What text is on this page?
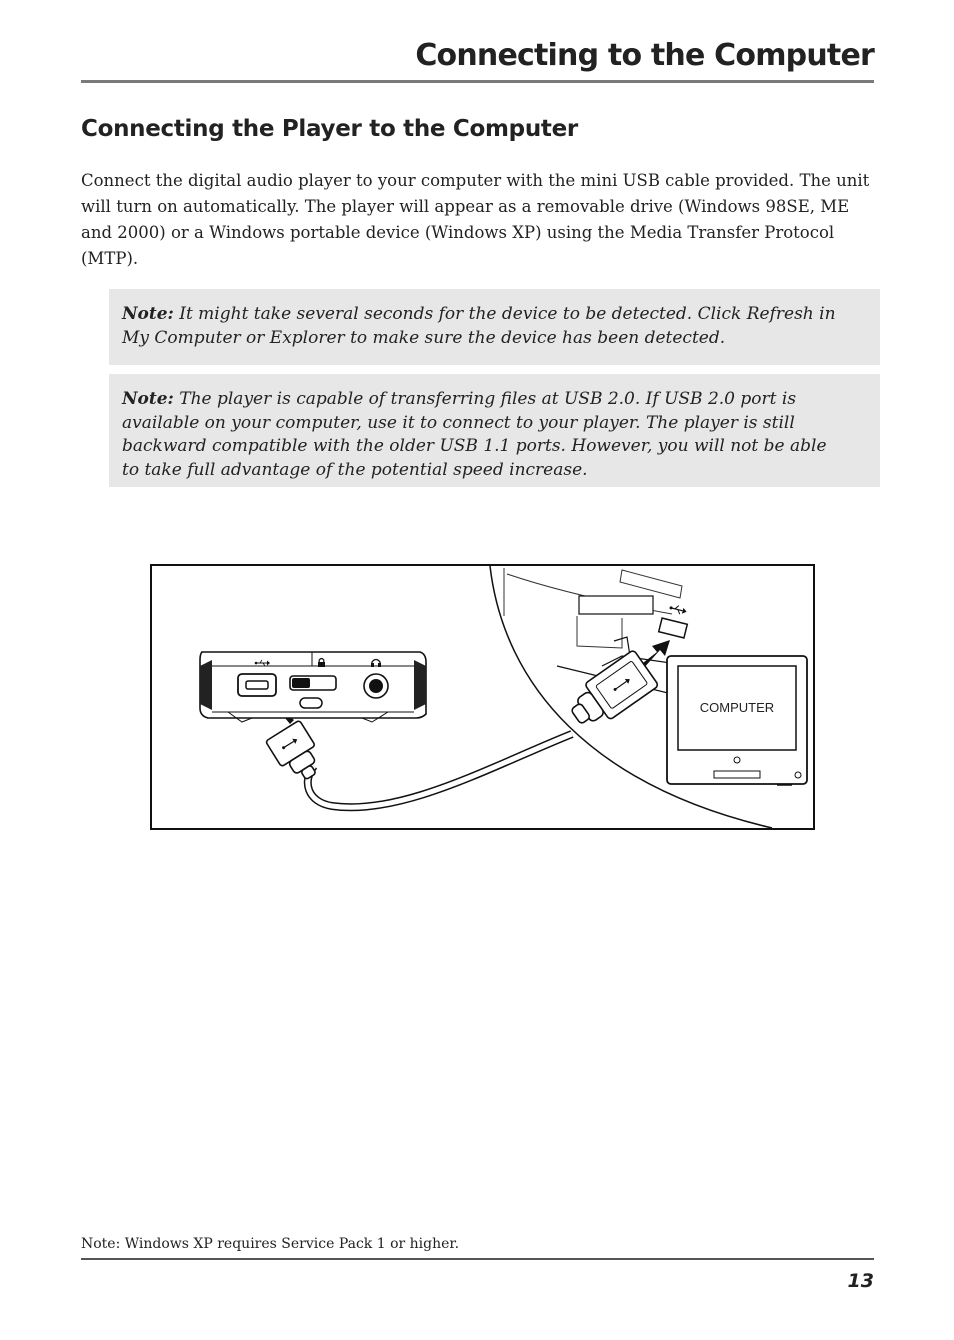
Connecting to the Computer
Connecting the Player to the Computer

Connect the digital audio player to your computer with the mini USB cable provided. The unit will turn on automatically. The player will appear as a removable drive (Windows 98SE, ME and 2000) or a Windows portable device (Windows XP) using the Media Transfer Protocol (MTP).

Note: It might take several seconds for the device to be detected. Click Refresh in My Computer or Explorer to make sure the device has been detected.

Note: The player is capable of transferring files at USB 2.0. If USB 2.0 port is available on your computer, use it to connect to your player. The player is still backward compatible with the older USB 1.1 ports. However, you will not be able to take full advantage of the potential speed increase.

COMPUTER

Note: Windows XP requires Service Pack 1 or higher.

13
